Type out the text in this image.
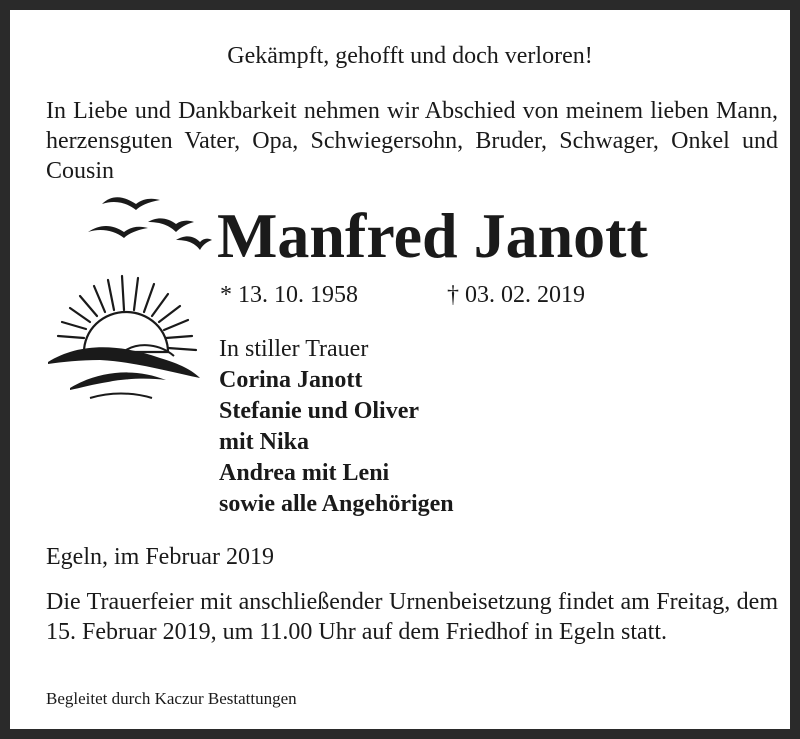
Gekämpft, gehofft und doch verloren!
In Liebe und Dankbarkeit nehmen wir Abschied von meinem lieben Mann, herzensguten Vater, Opa, Schwiegersohn, Bruder, Schwager, Onkel und Cousin
Manfred Janott
* 13. 10. 1958	† 03. 02. 2019
In stiller Trauer
Corina Janott
Stefanie und Oliver
mit Nika
Andrea mit Leni
sowie alle Angehörigen
Egeln, im Februar 2019
Die Trauerfeier mit anschließender Urnenbeisetzung findet am Freitag, dem 15. Februar 2019, um 11.00 Uhr auf dem Friedhof in Egeln statt.
Begleitet durch Kaczur Bestattungen
